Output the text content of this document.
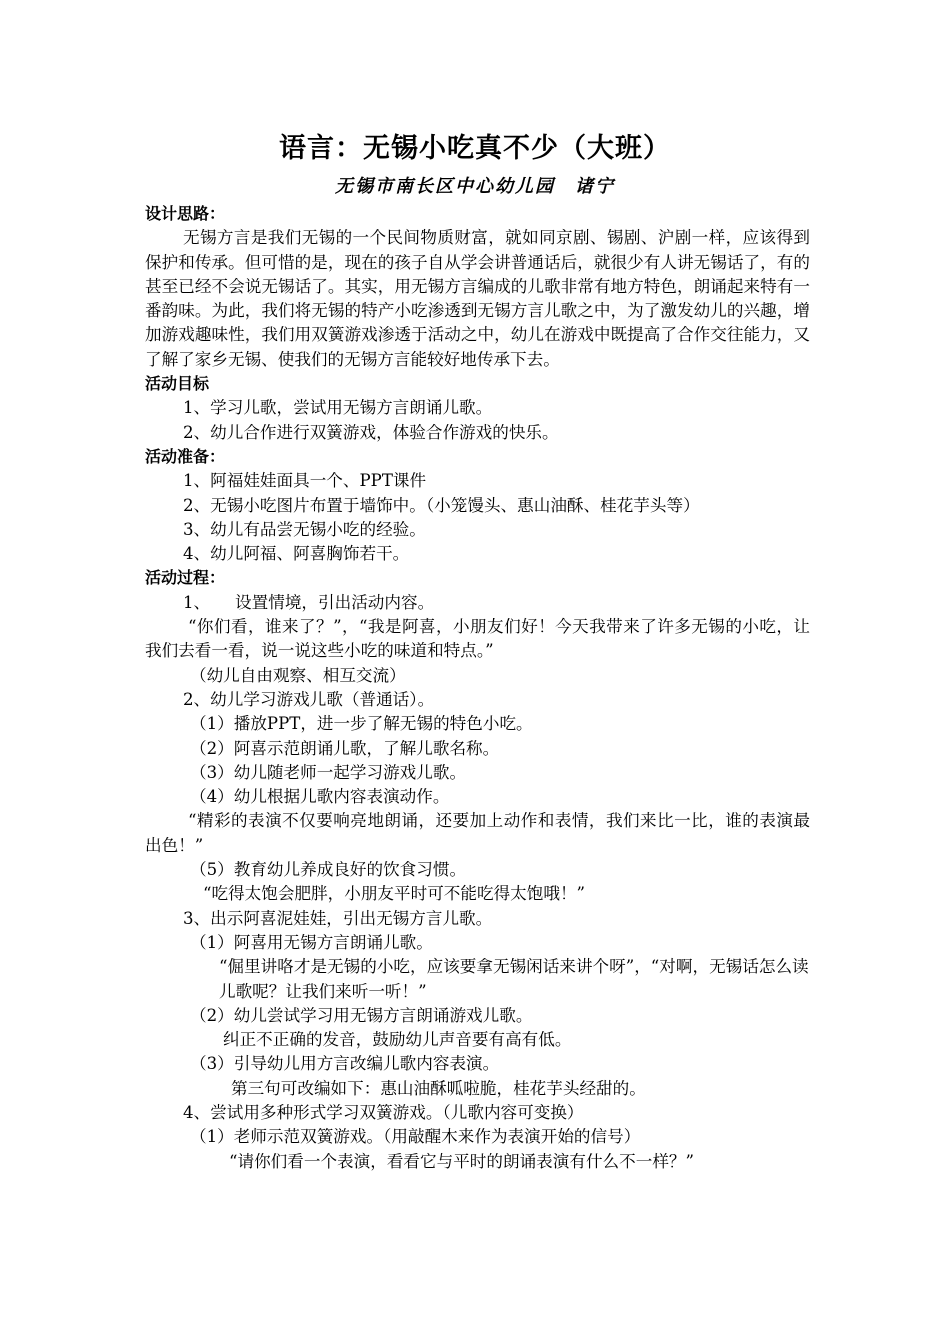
语言：无锡小吃真不少（大班）
无锡市南长区中心幼儿园　诸宁

设计思路：

无锡方言是我们无锡的一个民间物质财富，就如同京剧、锡剧、沪剧一样，应该得到保护和传承。但可惜的是，现在的孩子自从学会讲普通话后，就很少有人讲无锡话了，有的甚至已经不会说无锡话了。其实，用无锡方言编成的儿歌非常有地方特色，朗诵起来特有一番韵味。为此，我们将无锡的特产小吃渗透到无锡方言儿歌之中，为了激发幼儿的兴趣，增加游戏趣味性，我们用双簧游戏渗透于活动之中，幼儿在游戏中既提高了合作交往能力，又了解了家乡无锡、使我们的无锡方言能较好地传承下去。

活动目标

1、学习儿歌，尝试用无锡方言朗诵儿歌。

2、幼儿合作进行双簧游戏，体验合作游戏的快乐。

活动准备：

1、阿福娃娃面具一个、PPT课件

2、无锡小吃图片布置于墙饰中。（小笼馒头、惠山油酥、桂花芋头等）

3、幼儿有品尝无锡小吃的经验。

4、幼儿阿福、阿喜胸饰若干。

活动过程：

1、　　设置情境，引出活动内容。

“你们看，谁来了？”，“我是阿喜，小朋友们好！今天我带来了许多无锡的小吃，让我们去看一看，说一说这些小吃的味道和特点。”

（幼儿自由观察、相互交流）

2、幼儿学习游戏儿歌（普通话）。

（1）播放PPT，进一步了解无锡的特色小吃。

（2）阿喜示范朗诵儿歌，了解儿歌名称。

（3）幼儿随老师一起学习游戏儿歌。

（4）幼儿根据儿歌内容表演动作。

“精彩的表演不仅要响亮地朗诵，还要加上动作和表情，我们来比一比，谁的表演最出色！”

（5）教育幼儿养成良好的饮食习惯。

“吃得太饱会肥胖，小朋友平时可不能吃得太饱哦！”

3、出示阿喜泥娃娃，引出无锡方言儿歌。

（1）阿喜用无锡方言朗诵儿歌。

“倔里讲咯才是无锡的小吃，应该要拿无锡闲话来讲个呀”，“对啊，无锡话怎么读儿歌呢？让我们来听一听！”

（2）幼儿尝试学习用无锡方言朗诵游戏儿歌。

纠正不正确的发音，鼓励幼儿声音要有高有低。

（3）引导幼儿用方言改编儿歌内容表演。

第三句可改编如下：惠山油酥呱啦脆，桂花芋头经甜的。

4、尝试用多种形式学习双簧游戏。（儿歌内容可变换）

（1）老师示范双簧游戏。（用敲醒木来作为表演开始的信号）

“请你们看一个表演，看看它与平时的朗诵表演有什么不一样？”
